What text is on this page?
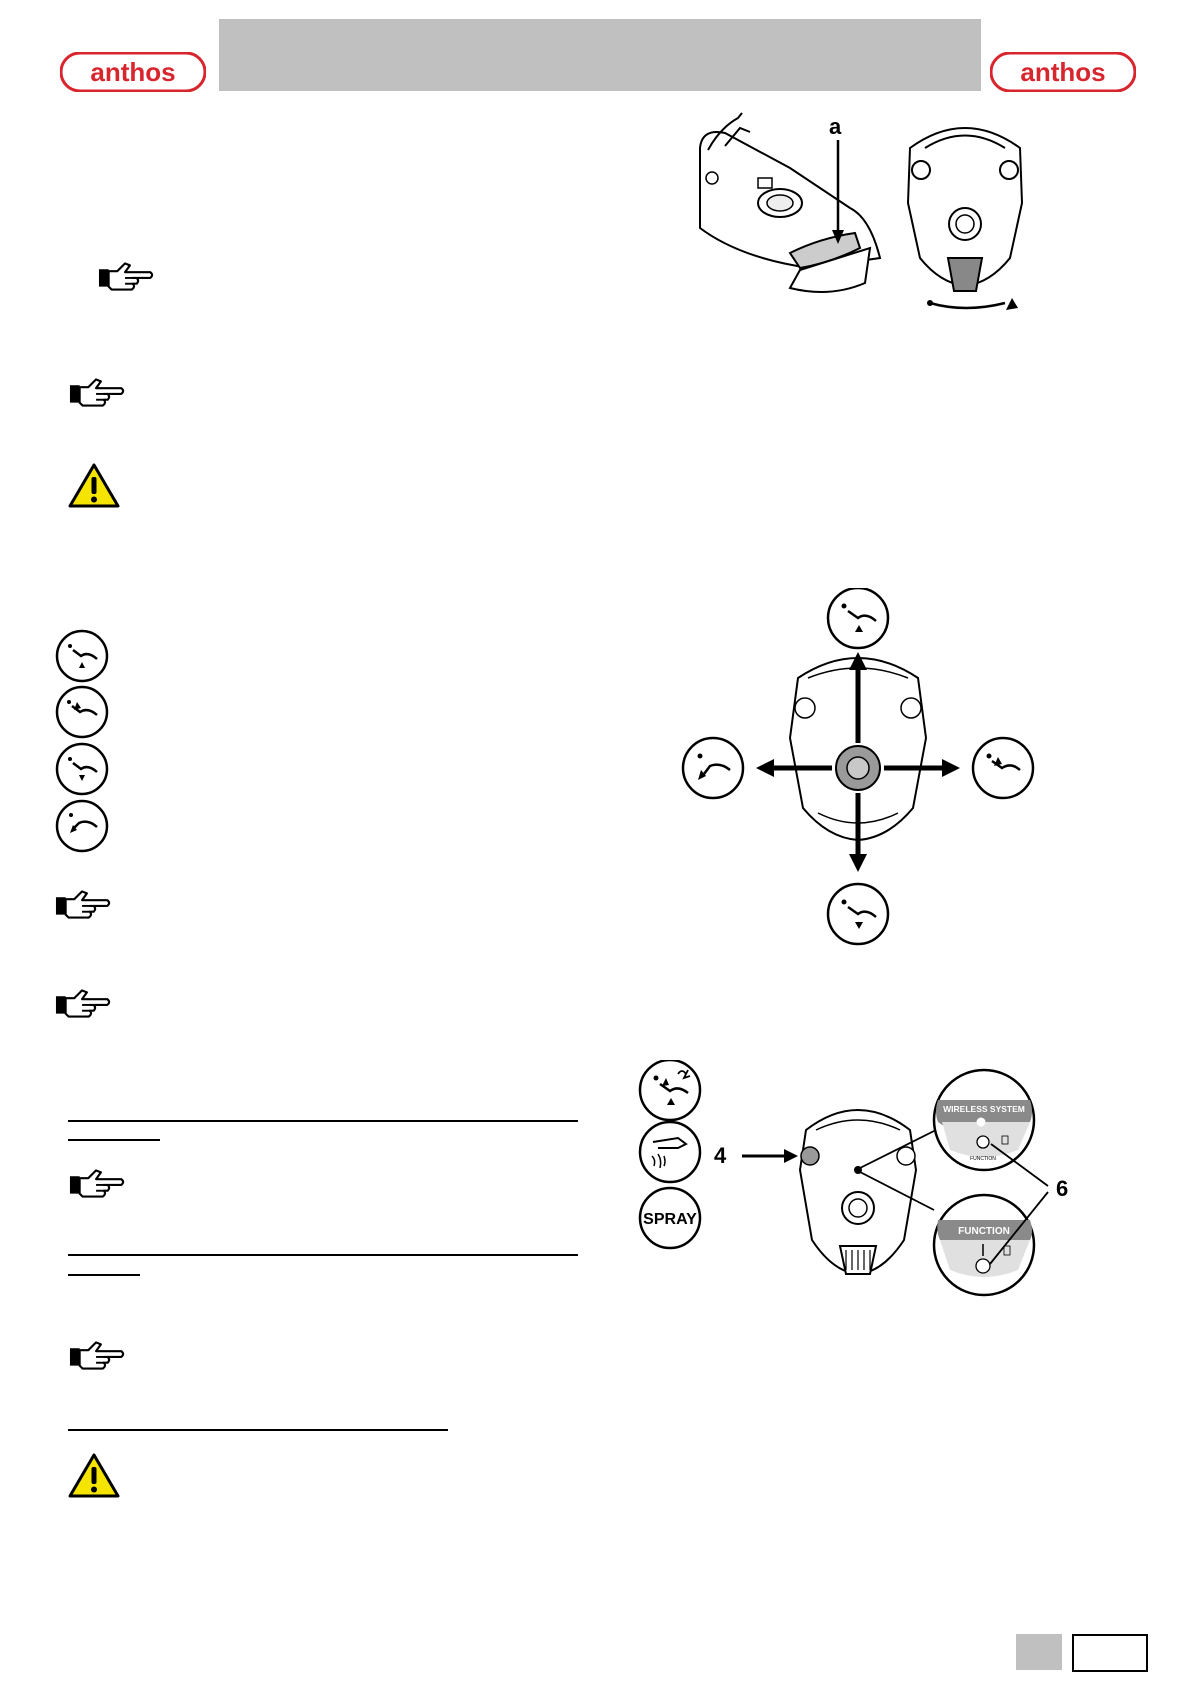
anthos	anthos
a
SPRAY
4
WIRELESS SYSTEM
FUNCTION
FUNCTION
6
